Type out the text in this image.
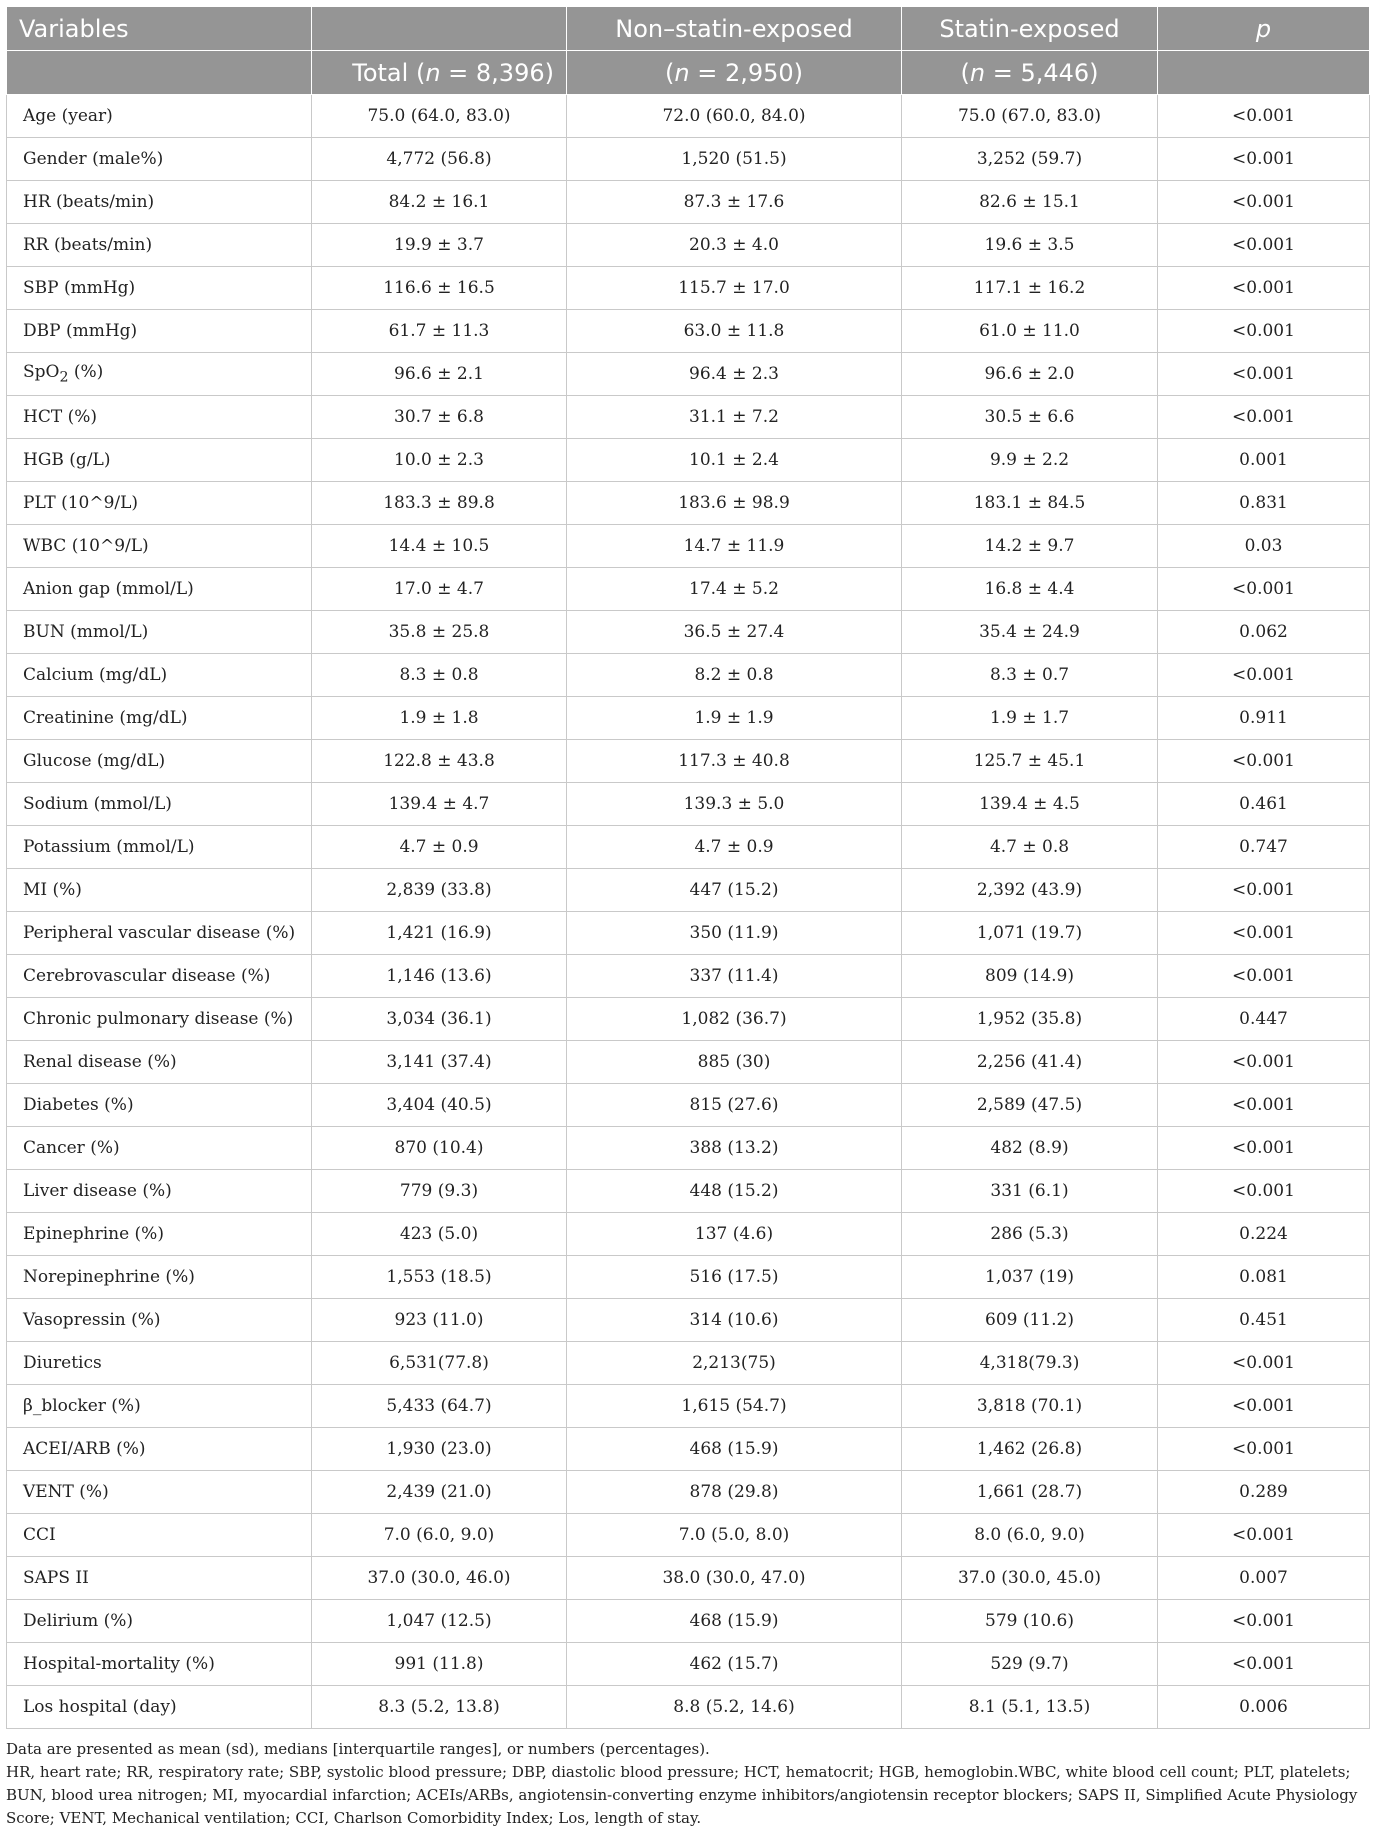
Variables		Non–statin-exposed	Statin-exposed	p
	Total (n = 8,396)	(n = 2,950)	(n = 5,446)	
Age (year)	75.0 (64.0, 83.0)	72.0 (60.0, 84.0)	75.0 (67.0, 83.0)	<0.001
Gender (male%)	4,772 (56.8)	1,520 (51.5)	3,252 (59.7)	<0.001
HR (beats/min)	84.2 ± 16.1	87.3 ± 17.6	82.6 ± 15.1	<0.001
RR (beats/min)	19.9 ± 3.7	20.3 ± 4.0	19.6 ± 3.5	<0.001
SBP (mmHg)	116.6 ± 16.5	115.7 ± 17.0	117.1 ± 16.2	<0.001
DBP (mmHg)	61.7 ± 11.3	63.0 ± 11.8	61.0 ± 11.0	<0.001
SpO$_2$ (%)	96.6 ± 2.1	96.4 ± 2.3	96.6 ± 2.0	<0.001
HCT (%)	30.7 ± 6.8	31.1 ± 7.2	30.5 ± 6.6	<0.001
HGB (g/L)	10.0 ± 2.3	10.1 ± 2.4	9.9 ± 2.2	0.001
PLT (10^9/L)	183.3 ± 89.8	183.6 ± 98.9	183.1 ± 84.5	0.831
WBC (10^9/L)	14.4 ± 10.5	14.7 ± 11.9	14.2 ± 9.7	0.03
Anion gap (mmol/L)	17.0 ± 4.7	17.4 ± 5.2	16.8 ± 4.4	<0.001
BUN (mmol/L)	35.8 ± 25.8	36.5 ± 27.4	35.4 ± 24.9	0.062
Calcium (mg/dL)	8.3 ± 0.8	8.2 ± 0.8	8.3 ± 0.7	<0.001
Creatinine (mg/dL)	1.9 ± 1.8	1.9 ± 1.9	1.9 ± 1.7	0.911
Glucose (mg/dL)	122.8 ± 43.8	117.3 ± 40.8	125.7 ± 45.1	<0.001
Sodium (mmol/L)	139.4 ± 4.7	139.3 ± 5.0	139.4 ± 4.5	0.461
Potassium (mmol/L)	4.7 ± 0.9	4.7 ± 0.9	4.7 ± 0.8	0.747
MI (%)	2,839 (33.8)	447 (15.2)	2,392 (43.9)	<0.001
Peripheral vascular disease (%)	1,421 (16.9)	350 (11.9)	1,071 (19.7)	<0.001
Cerebrovascular disease (%)	1,146 (13.6)	337 (11.4)	809 (14.9)	<0.001
Chronic pulmonary disease (%)	3,034 (36.1)	1,082 (36.7)	1,952 (35.8)	0.447
Renal disease (%)	3,141 (37.4)	885 (30)	2,256 (41.4)	<0.001
Diabetes (%)	3,404 (40.5)	815 (27.6)	2,589 (47.5)	<0.001
Cancer (%)	870 (10.4)	388 (13.2)	482 (8.9)	<0.001
Liver disease (%)	779 (9.3)	448 (15.2)	331 (6.1)	<0.001
Epinephrine (%)	423 (5.0)	137 (4.6)	286 (5.3)	0.224
Norepinephrine (%)	1,553 (18.5)	516 (17.5)	1,037 (19)	0.081
Vasopressin (%)	923 (11.0)	314 (10.6)	609 (11.2)	0.451
Diuretics	6,531(77.8)	2,213(75)	4,318(79.3)	<0.001
β_blocker (%)	5,433 (64.7)	1,615 (54.7)	3,818 (70.1)	<0.001
ACEI/ARB (%)	1,930 (23.0)	468 (15.9)	1,462 (26.8)	<0.001
VENT (%)	2,439 (21.0)	878 (29.8)	1,661 (28.7)	0.289
CCI	7.0 (6.0, 9.0)	7.0 (5.0, 8.0)	8.0 (6.0, 9.0)	<0.001
SAPS II	37.0 (30.0, 46.0)	38.0 (30.0, 47.0)	37.0 (30.0, 45.0)	0.007
Delirium (%)	1,047 (12.5)	468 (15.9)	579 (10.6)	<0.001
Hospital-mortality (%)	991 (11.8)	462 (15.7)	529 (9.7)	<0.001
Los hospital (day)	8.3 (5.2, 13.8)	8.8 (5.2, 14.6)	8.1 (5.1, 13.5)	0.006

Data are presented as mean (sd), medians [interquartile ranges], or numbers (percentages).

HR, heart rate; RR, respiratory rate; SBP, systolic blood pressure; DBP, diastolic blood pressure; HCT, hematocrit; HGB, hemoglobin.WBC, white blood cell count; PLT, platelets; BUN, blood urea nitrogen; MI, myocardial infarction; ACEIs/ARBs, angiotensin-converting enzyme inhibitors/angiotensin receptor blockers; SAPS II, Simplified Acute Physiology Score; VENT, Mechanical ventilation; CCI, Charlson Comorbidity Index; Los, length of stay.
